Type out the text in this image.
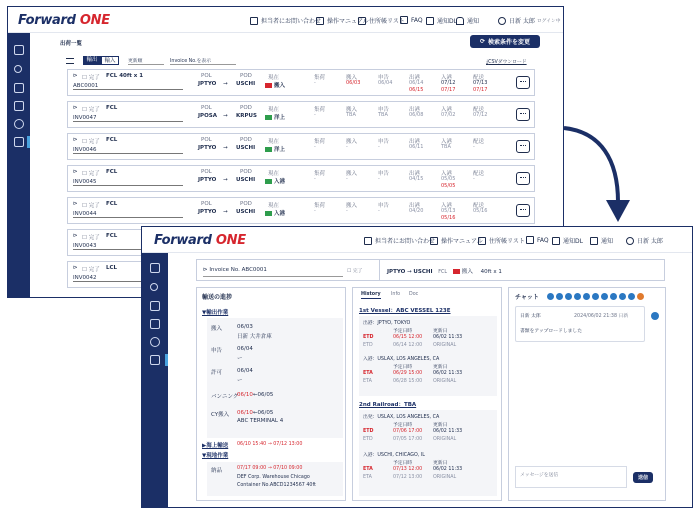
Forward ONE	担当者にお問い合わせ 操作マニュアル 住所帳リスト FAQ 通知DL 通知	日新 太郎
ログイン中
出荷一覧	⟳ 検索条件を変更
輸出	輸入	更新順	Invoice No.を表示	⤓CSVダウンロード
⊳ ☐ 完了 FCL 40ft x 1
ABC0001
POL
JPTYO →
POD
USCHI
現在
搬入
集荷
-
搬入
06/03
申告
06/04
出港
06/14
06/15
入港
07/12
07/17
配送
07/13
07/17
⊳ ☐ 完了 FCL
INV0047
POL
JPOSA →
POD
KRPUS
現在
洋上
集荷
-
搬入
TBA
申告
TBA
出港
06/08
入港
07/02
配送
07/12
⊳ ☐ 完了 FCL
INV0046
POL
JPTYO →
POD
USCHI
現在
洋上
集荷
-
搬入
-
申告
-
出港
06/11
入港
TBA
配送
-
⊳ ☐ 完了 FCL
INV0045
POL
JPTYO →
POD
USCHI
現在
入港
集荷
-
搬入
-
申告
-
出港
04/15
入港
05/05
05/05
配送
-
⊳ ☐ 完了 FCL
INV0044
POL
JPTYO →
POD
USCHI
現在
入港
集荷
-
搬入
-
申告
-
出港
04/20
入港
05/13
05/16
配送
05/16
⊳ ☐ 完了 FCL
INV0043
⊳ ☐ 完了 LCL
INV0042
Forward ONE	担当者にお問い合わせ 操作マニュアル 住所帳リスト FAQ 通知DL	通知	日新 太郎
⊳ Invoice No. ABC0001	☐ 完了	JPTYO → USCHI FCL	搬入 40ft x 1
輸送の進捗
▼輸出作業
搬入	06/03
日新 大井倉庫
申告	06/04
ー
許可	06/04
ー
バンニング
06/10←06/05
CY搬入 06/10←06/05
ABC TERMINAL 4
▶海上輸送 06/10 15:40 → 07/12 13:00
▼現地作業
納品	07/17 09:00 → 07/10 09:00
DEF Corp. Warehouse Chicago
Container No.ABCD1234567 40ft
History Info Doc
1st Vessel：ABC VESSEL 123E
出港：JPTYO, TOKYO
予定日時	更新日
ETD	06/15 12:00 06/02 11:33
ETD	06/14 12:00 ORIGINAL
入港：USLAX, LOS ANGELES, CA
予定日時	更新日
ETA	06/29 15:00 06/02 11:33
ETA	06/28 15:00 ORIGINAL
2nd Railroad：TBA
出発：USLAX, LOS ANGELES, CA
予定日時	更新日
ETD	07/06 17:00 06/02 11:33
ETD	07/05 17:00 ORIGINAL
入港：USCHI, CHICAGO, IL
予定日時	更新日
ETA	07/13 12:00 06/02 11:33
ETA	07/12 13:00 ORIGINAL
チャット
日新 太郎	2024/06/02 21:38 日新
書類をアップロードしました
メッセージを送信	送信
